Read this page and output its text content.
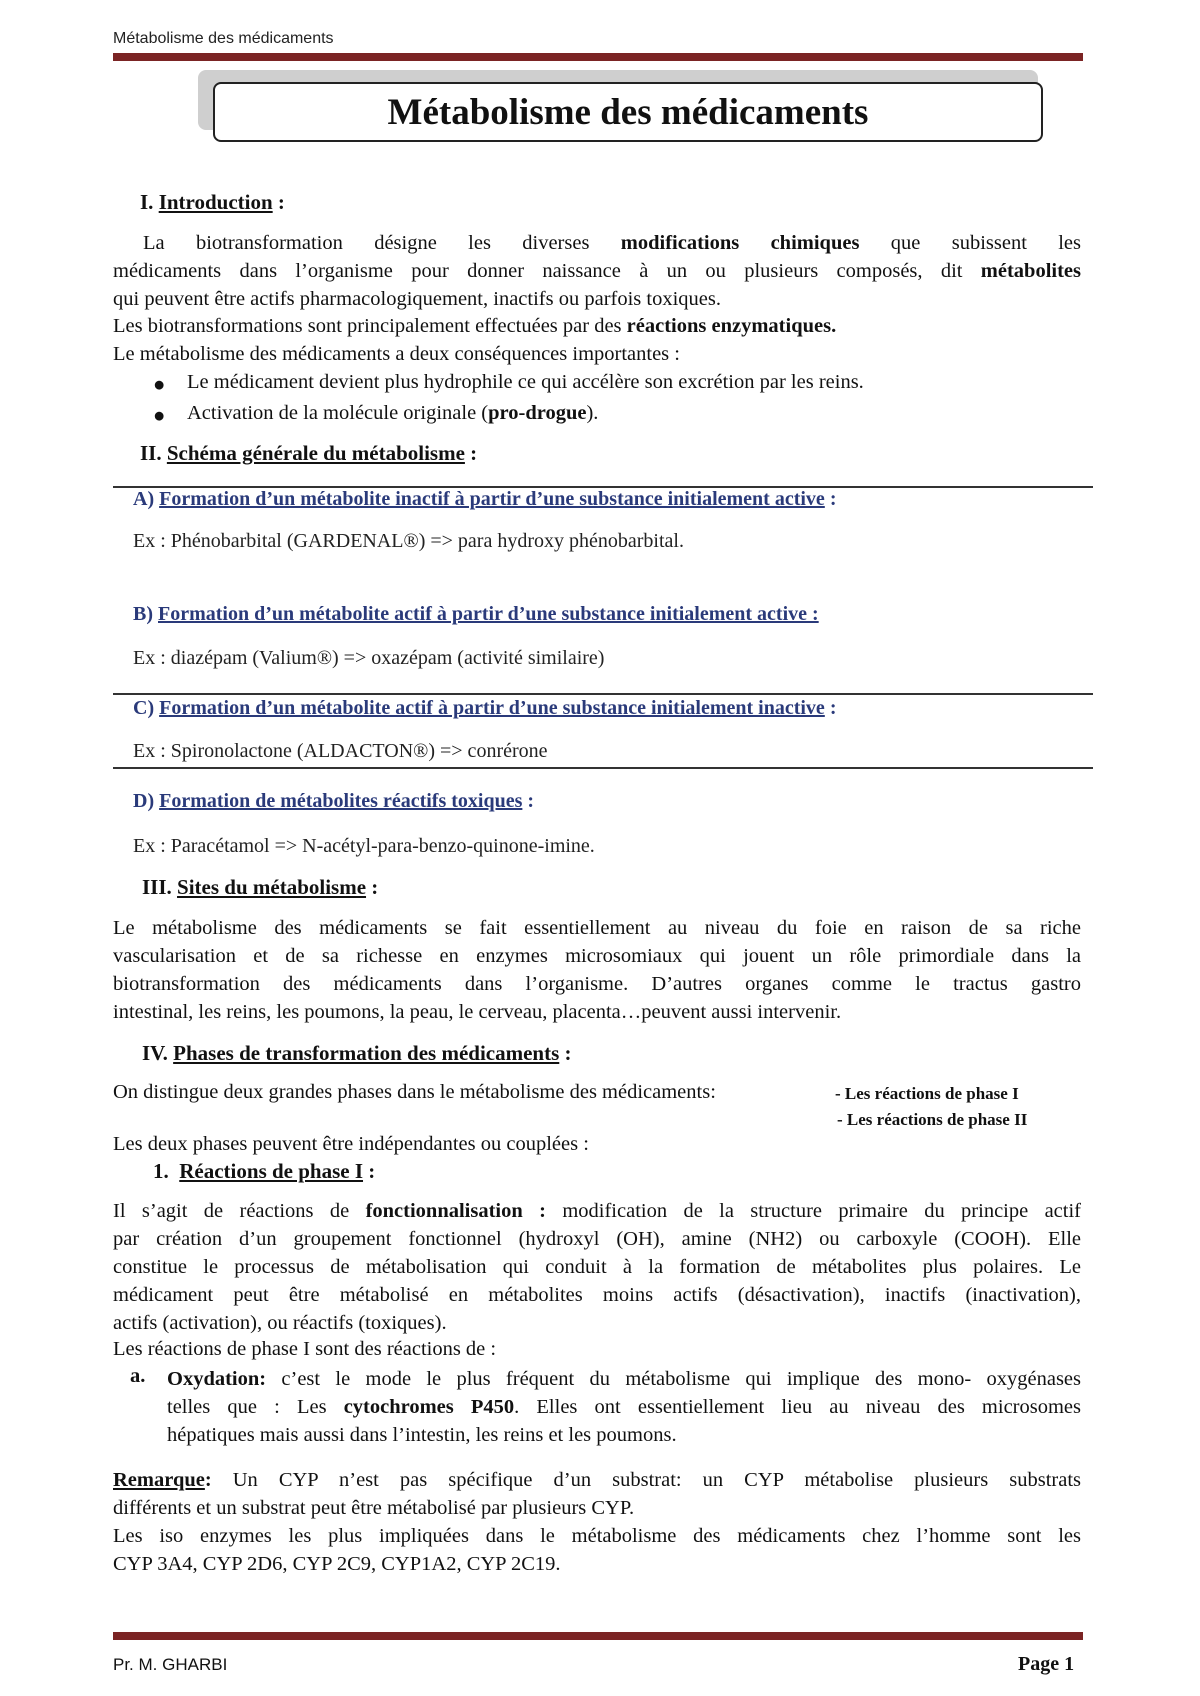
Métabolisme des médicaments
Métabolisme des médicaments
I. Introduction :
La biotransformation désigne les diverses modifications chimiques que subissent les
médicaments dans l’organisme pour donner naissance à un ou plusieurs composés, dit métabolites
qui peuvent être actifs pharmacologiquement, inactifs ou parfois toxiques.
Les biotransformations sont principalement effectuées par des réactions enzymatiques.
Le métabolisme des médicaments a deux conséquences importantes :
● Le médicament devient plus hydrophile ce qui accélère son excrétion par les reins.
● Activation de la molécule originale (pro-drogue).
II. Schéma générale du métabolisme :
A) Formation d’un métabolite inactif à partir d’une substance initialement active :
Ex : Phénobarbital (GARDENAL®) => para hydroxy phénobarbital.
B) Formation d’un métabolite actif à partir d’une substance initialement active :
Ex : diazépam (Valium®) => oxazépam (activité similaire)
C) Formation d’un métabolite actif à partir d’une substance initialement inactive :
Ex : Spironolactone (ALDACTON®) => conrérone
D) Formation de métabolites réactifs toxiques :
Ex : Paracétamol => N-acétyl-para-benzo-quinone-imine.
III. Sites du métabolisme :
Le métabolisme des médicaments se fait essentiellement au niveau du foie en raison de sa riche
vascularisation et de sa richesse en enzymes microsomiaux qui jouent un rôle primordiale dans la
biotransformation des médicaments dans l’organisme. D’autres organes comme le tractus gastro
intestinal, les reins, les poumons, la peau, le cerveau, placenta…peuvent aussi intervenir.
IV. Phases de transformation des médicaments :
On distingue deux grandes phases dans le métabolisme des médicaments:	- Les réactions de phase I
- Les réactions de phase II
Les deux phases peuvent être indépendantes ou couplées :
1. Réactions de phase I :
Il s’agit de réactions de fonctionnalisation : modification de la structure primaire du principe actif
par création d’un groupement fonctionnel (hydroxyl (OH), amine (NH2) ou carboxyle (COOH). Elle
constitue le processus de métabolisation qui conduit à la formation de métabolites plus polaires. Le
médicament peut être métabolisé en métabolites moins actifs (désactivation), inactifs (inactivation),
actifs (activation), ou réactifs (toxiques).
Les réactions de phase I sont des réactions de :
a. Oxydation: c’est le mode le plus fréquent du métabolisme qui implique des mono- oxygénases
telles que : Les cytochromes P450. Elles ont essentiellement lieu au niveau des microsomes
hépatiques mais aussi dans l’intestin, les reins et les poumons.
Remarque: Un CYP n’est pas spécifique d’un substrat: un CYP métabolise plusieurs substrats
différents et un substrat peut être métabolisé par plusieurs CYP.
Les iso enzymes les plus impliquées dans le métabolisme des médicaments chez l’homme sont les
CYP 3A4, CYP 2D6, CYP 2C9, CYP1A2, CYP 2C19.
Pr. M. GHARBI	Page 1
